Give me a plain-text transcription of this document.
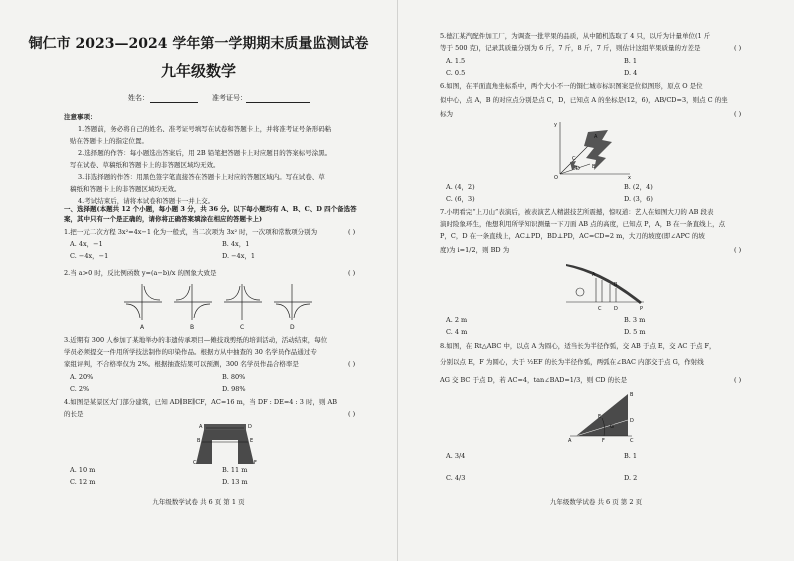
铜仁市 2023—2024 学年第一学期期末质量监测试卷
九年级数学
姓名：	准考证号：
注意事项：
1.答题前，务必将自己的姓名、准考证号填写在试卷和答题卡上，并将准考证号条形码粘
贴在答题卡上的指定位置。
2.选择题的作答：每小题选出答案后，用 2B 铅笔把答题卡上对应题目的答案标号涂黑。
写在试卷、草稿纸和答题卡上的非答题区域均无效。
3.非选择题的作答：用黑色签字笔直接答在答题卡上对应的答题区域内。写在试卷、草
稿纸和答题卡上的非答题区域均无效。
4.考试结束后，请将本试卷和答题卡一并上交。
一、选择题(本题共 12 个小题，每小题 3 分，共 36 分。以下每小题均有 A、B、C、D 四个备选答
案，其中只有一个是正确的，请你将正确答案填涂在相应的答题卡上)
1.把一元二次方程 3x²=4x−1 化为一般式，当二次项为 3x² 时，一次项和常数项分别为	( )
A. 4x，−1	B. 4x，1
C. −4x，−1	D. −4x，1
2.当 a>0 时，反比例函数 y=(a−b)/x 的图象大致是	( )
A	B	C	D
3.近期有 300 人参加了某地举办的非遗传承项目—傩技戏剪纸的培训活动，活动结束，每位
学员必须提交一件用所学技法制作的印染作品。根据方从中抽查的 30 名学员作品通过专
家组评判，不合格率仅为 2%。根据抽查结果可以预测，300 名学员作品合格率是	( )
A. 20%	B. 80%
C. 2%	D. 98%
4.如图是某景区大门部分建筑，已知 AD∥BE∥CF，AC=16 m，当 DF : DE=4 : 3 时，则 AB
的长是	( )
A
B
C
D
E
F
A. 10 m	B. 11 m
C. 12 m	D. 13 m
九年级数学试卷 共 6 页 第 1 页
5.德江某汽配件加工厂，为调查一批苹果的品质，从中随机选取了 4 只，以斤为计量单位(1 斤
等于 500 克)，记录其质量分别为 6 斤，7 斤，8 斤，7 斤，则估计这组苹果质量的方差是	( )
A. 1.5	B. 1
C. 0.5	D. 4
6.如图，在平面直角坐标系中，两个大小不一的铜仁城市标识图案是位似图形，原点 O 是位
似中心，点 A，B 的对应点分别是点 C，D，已知点 A 的坐标是(12，6)，AB/CD=3，则点 C 的坐
标为	( )
y
A
B
C
D
O	x
A. (4，2)	B. (2，4)
C. (6，3)	D. (3，6)
7.小明看完“上刀山”表演后，被表演艺人精湛技艺所震撼，惊叹道：艺人在如图大刀的 AB 段表
演时险象环生，他想利用所学知识测量一下刀面 AB 点的高度，已知点 P，A，B 在一条直线上，点
P，C，D 在一条直线上，AC⊥PD，BD⊥PD，AC=CD=2 m，大刀的坡度(即∠APC 的坡
度)为 i=1/2，则 BD 为	( )
A
B
P
C	D
A. 2 m	B. 3 m
C. 4 m	D. 5 m
8.如图，在 Rt△ABC 中，以点 A 为圆心，适当长为半径作弧，交 AB 于点 E，交 AC 于点 F，
分别以点 E，F 为圆心，大于 ½EF 的长为半径作弧，两弧在∠BAC 内部交于点 G，作射线
AG 交 BC 于点 D，若 AC=4，tan∠BAD=1/3，则 CD 的长是	( )
B
E
D
G
A	F	C
A. 3/4	B. 1
C. 4/3	D. 2
九年级数学试卷 共 6 页 第 2 页
